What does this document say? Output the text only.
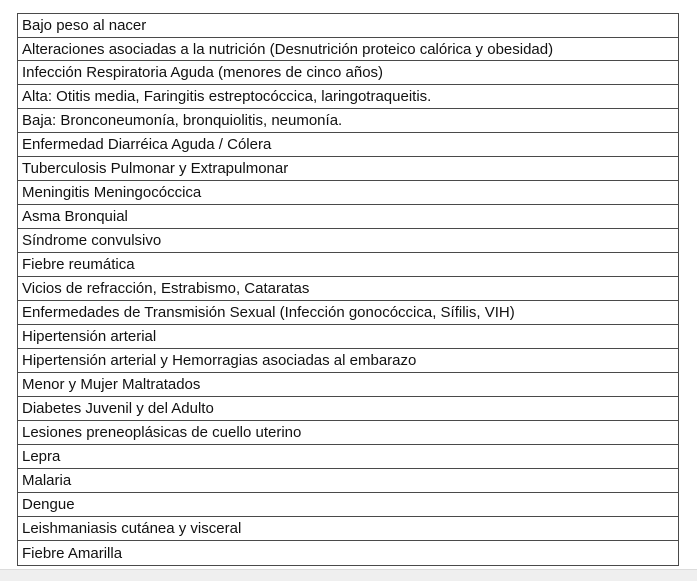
Bajo peso al nacer
Alteraciones asociadas a la nutrición (Desnutrición proteico calórica y obesidad)
Infección Respiratoria Aguda (menores de cinco años)
Alta: Otitis media, Faringitis estreptocóccica, laringotraqueitis.
Baja: Bronconeumonía, bronquiolitis, neumonía.
Enfermedad Diarréica Aguda / Cólera
Tuberculosis Pulmonar y Extrapulmonar
Meningitis Meningocóccica
Asma Bronquial
Síndrome convulsivo
Fiebre reumática
Vicios de refracción, Estrabismo, Cataratas
Enfermedades de Transmisión Sexual (Infección gonocóccica, Sífilis, VIH)
Hipertensión arterial
Hipertensión arterial y Hemorragias asociadas al embarazo
Menor y Mujer Maltratados
Diabetes Juvenil y del Adulto
Lesiones preneoplásicas de cuello uterino
Lepra
Malaria
Dengue
Leishmaniasis cutánea y visceral
Fiebre Amarilla
